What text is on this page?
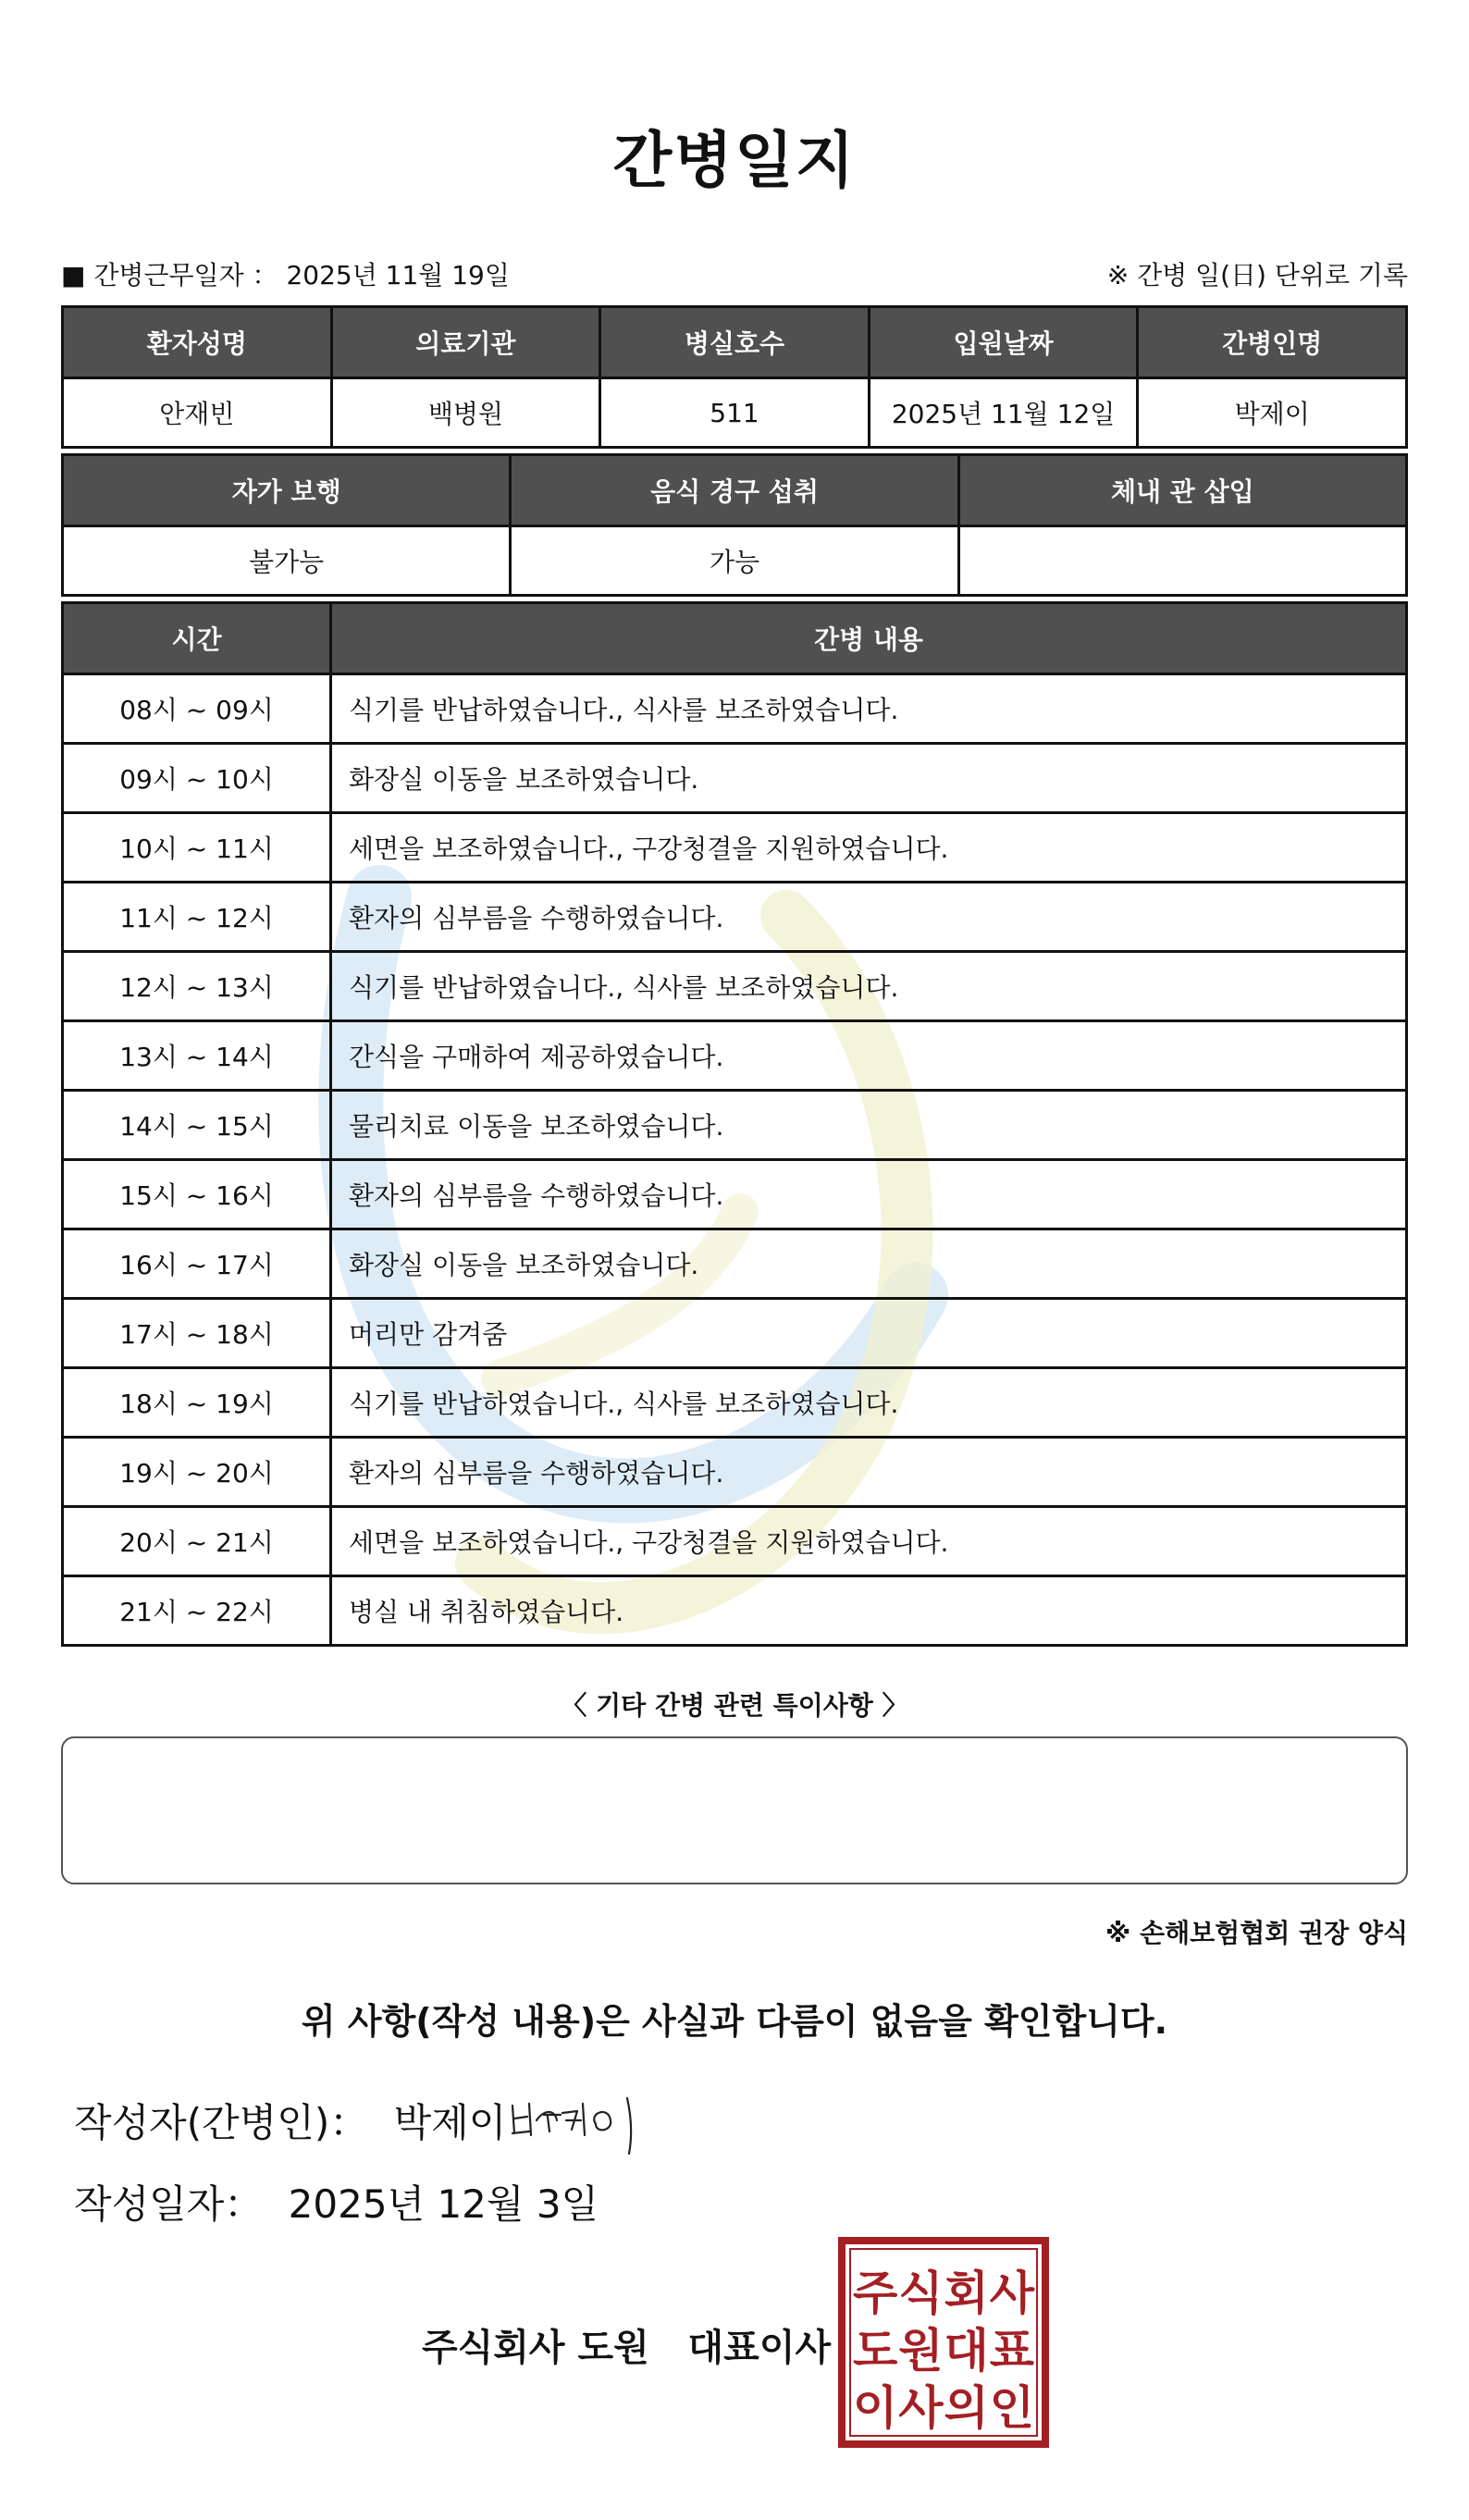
간병일지
■ 간병근무일자 ： 2025년 11월 19일	※ 간병 일(日) 단위로 기록
환자성명	의료기관	병실호수	입원날짜	간병인명
안재빈	백병원	511	2025년 11월 12일	박제이
자가 보행	음식 경구 섭취	체내 관 삽입
불가능	가능	
시간	간병 내용
08시 ~ 09시	식기를 반납하였습니다., 식사를 보조하였습니다.
09시 ~ 10시	화장실 이동을 보조하였습니다.
10시 ~ 11시	세면을 보조하였습니다., 구강청결을 지원하였습니다.
11시 ~ 12시	환자의 심부름을 수행하였습니다.
12시 ~ 13시	식기를 반납하였습니다., 식사를 보조하였습니다.
13시 ~ 14시	간식을 구매하여 제공하였습니다.
14시 ~ 15시	물리치료 이동을 보조하였습니다.
15시 ~ 16시	환자의 심부름을 수행하였습니다.
16시 ~ 17시	화장실 이동을 보조하였습니다.
17시 ~ 18시	머리만 감겨줌
18시 ~ 19시	식기를 반납하였습니다., 식사를 보조하였습니다.
19시 ~ 20시	환자의 심부름을 수행하였습니다.
20시 ~ 21시	세면을 보조하였습니다., 구강청결을 지원하였습니다.
21시 ~ 22시	병실 내 취침하였습니다.
〈 기타 간병 관련 특이사항 〉
※ 손해보험협회 권장 양식
위 사항(작성 내용)은 사실과 다름이 없음을 확인합니다.
작성자(간병인)： 박제이
작성일자： 2025년 12월 3일
주식회사 도원   대표이사
주식회사
도원대표
이사의인
